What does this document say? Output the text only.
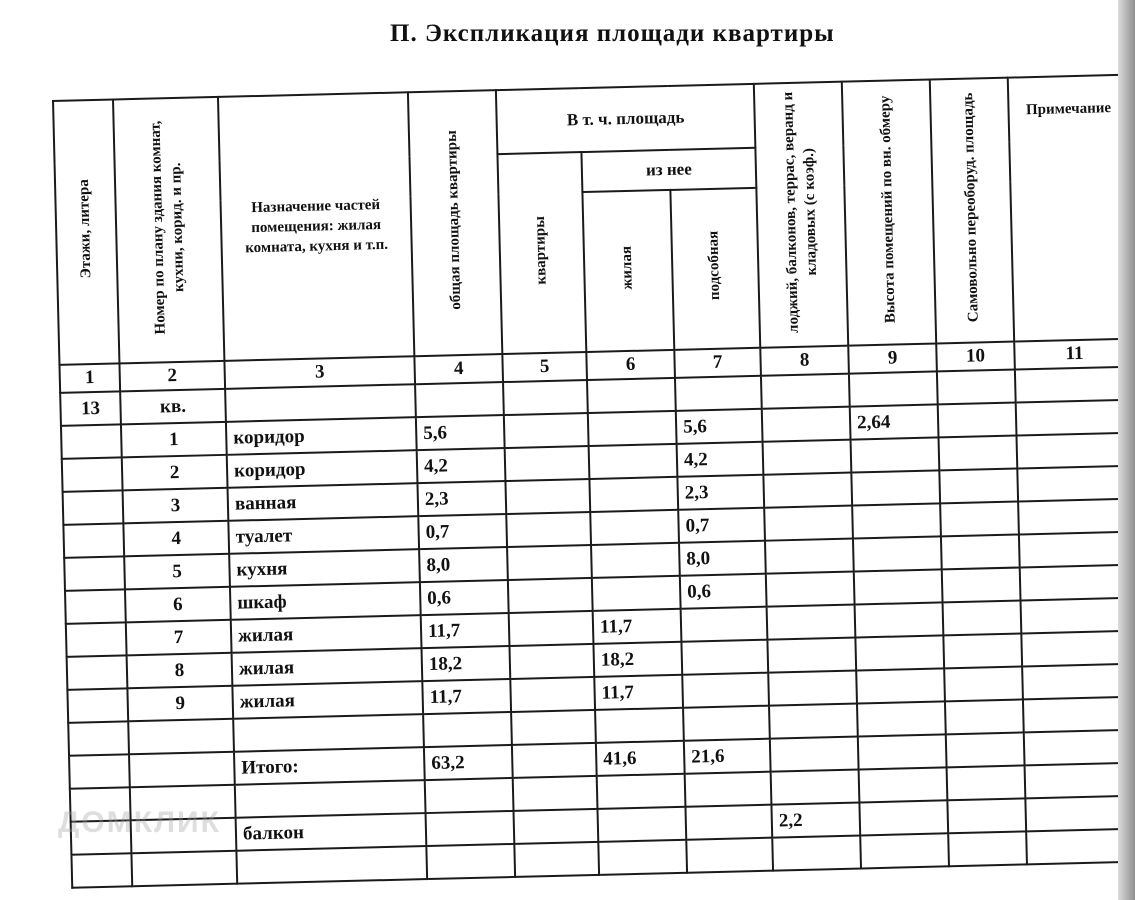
П. Экспликация площади квартиры
Этажи, литера	Номер по плану здания комнат, кухни, корид. и пр.	Назначение частей помещения: жилая комната, кухня и т.п.	общая площадь квартиры	В т. ч. площадь			лоджий, балконов, террас, веранд и кладовых (с коэф.)	Высота помещений по вн. обмеру	Самовольно переоборуд. площадь	Примечание
				квартиры	из нее					
					жилая	подсобная				
1	2	3	4	5	6	7	8	9	10	11
13	кв.									
	1	коридор	5,6			5,6		2,64		
	2	коридор	4,2			4,2				
	3	ванная	2,3			2,3				
	4	туалет	0,7			0,7				
	5	кухня	8,0			8,0				
	6	шкаф	0,6			0,6				
	7	жилая	11,7		11,7					
	8	жилая	18,2		18,2					
	9	жилая	11,7		11,7					

		Итого:	63,2		41,6	21,6				

		балкон					2,2			

ДОМКЛИК
